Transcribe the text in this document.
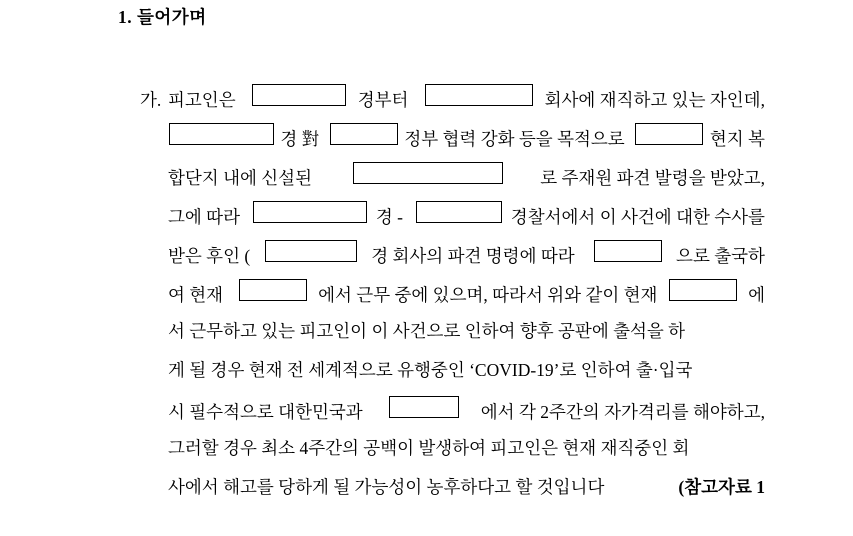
1. 들어가며
가. 피고인은	경부터	회사에 재직하고 있는 자인데,
경 對	정부 협력 강화 등을 목적으로	현지 복
합단지 내에 신설된	로 주재원 파견 발령을 받았고,
그에 따라	경 -	경찰서에서 이 사건에 대한 수사를
받은 후인 (	경 회사의 파견 명령에 따라	으로 출국하
여 현재	에서 근무 중에 있으며, 따라서 위와 같이 현재	에
서 근무하고 있는 피고인이 이 사건으로 인하여 향후 공판에 출석을 하
게 될 경우 현재 전 세계적으로 유행중인 ‘COVID-19’로 인하여 출·입국
시 필수적으로 대한민국과	에서 각 2주간의 자가격리를 해야하고,
그러할 경우 최소 4주간의 공백이 발생하여 피고인은 현재 재직중인 회
사에서 해고를 당하게 될 가능성이 농후하다고 할 것입니다	(참고자료 1
